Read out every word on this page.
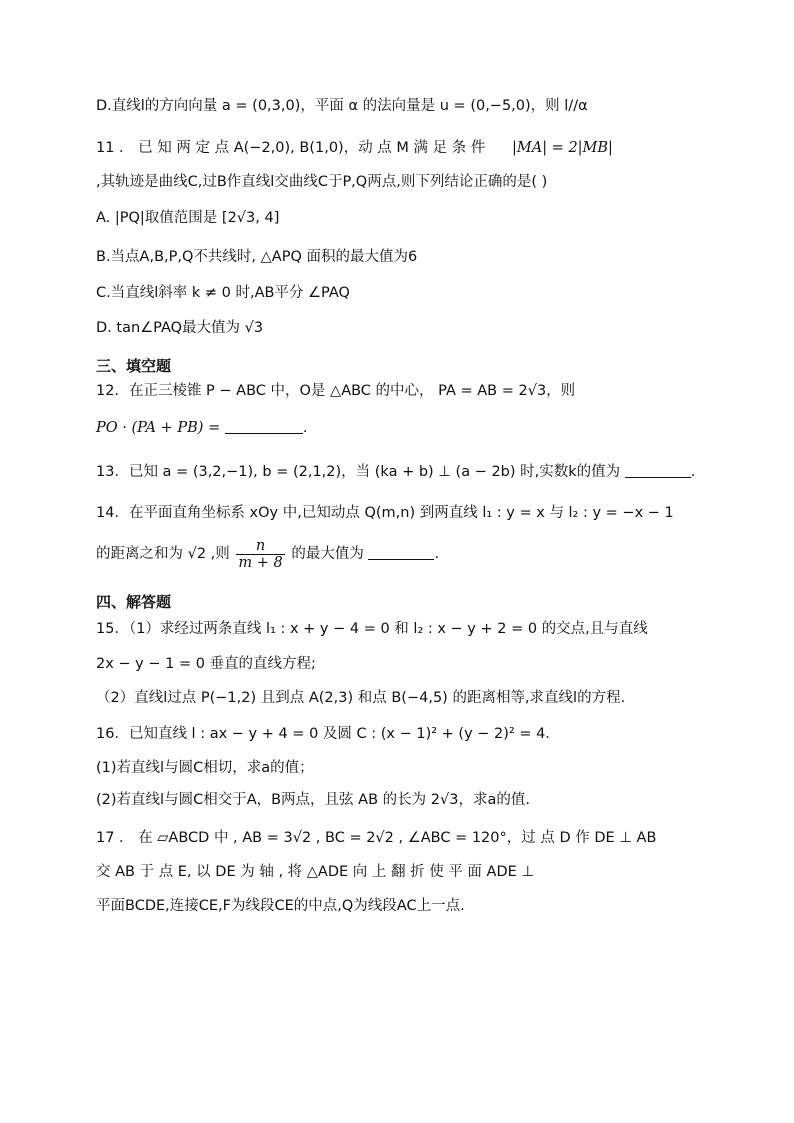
D.直线l的方向向量 a = (0,3,0)，平面 α 的法向量是 u = (0,−5,0)，则 l//α
11 ． 已 知 两 定 点 A(−2,0), B(1,0)，动 点 M 满 足 条 件 |MA| = 2|MB|
,其轨迹是曲线C,过B作直线l交曲线C于P,Q两点,则下列结论正确的是( )
A. |PQ|取值范围是 [2√3, 4]
B.当点A,B,P,Q不共线时, △APQ 面积的最大值为6
C.当直线l斜率 k ≠ 0 时,AB平分 ∠PAQ
D. tan∠PAQ最大值为 √3
三、填空题
12．在正三棱锥 P − ABC 中，O是 △ABC 的中心， PA = AB = 2√3，则
PO · (PA + PB) =	.
13．已知 a = (3,2,−1), b = (2,1,2)，当 (ka + b) ⊥ (a − 2b) 时,实数k的值为	.
14．在平面直角坐标系 xOy 中,已知动点 Q(m,n) 到两直线 l₁ : y = x 与 l₂ : y = −x − 1
的距离之和为 √2 ,则 $\frac{n}{m + 8}$ 的最大值为	.
四、解答题
15．（1）求经过两条直线 l₁ : x + y − 4 = 0 和 l₂ : x − y + 2 = 0 的交点,且与直线
2x − y − 1 = 0 垂直的直线方程;
（2）直线l过点 P(−1,2) 且到点 A(2,3) 和点 B(−4,5) 的距离相等,求直线l的方程.
16．已知直线 l : ax − y + 4 = 0 及圆 C : (x − 1)² + (y − 2)² = 4．
(1)若直线l与圆C相切，求a的值；
(2)若直线l与圆C相交于A，B两点，且弦 AB 的长为 2√3，求a的值.
17 ． 在 ▱ABCD 中 , AB = 3√2 , BC = 2√2 , ∠ABC = 120°，过 点 D 作 DE ⊥ AB
交 AB 于 点 E, 以 DE 为 轴 , 将 △ADE 向 上 翻 折 使 平 面 ADE ⊥
平面BCDE,连接CE,F为线段CE的中点,Q为线段AC上一点.
